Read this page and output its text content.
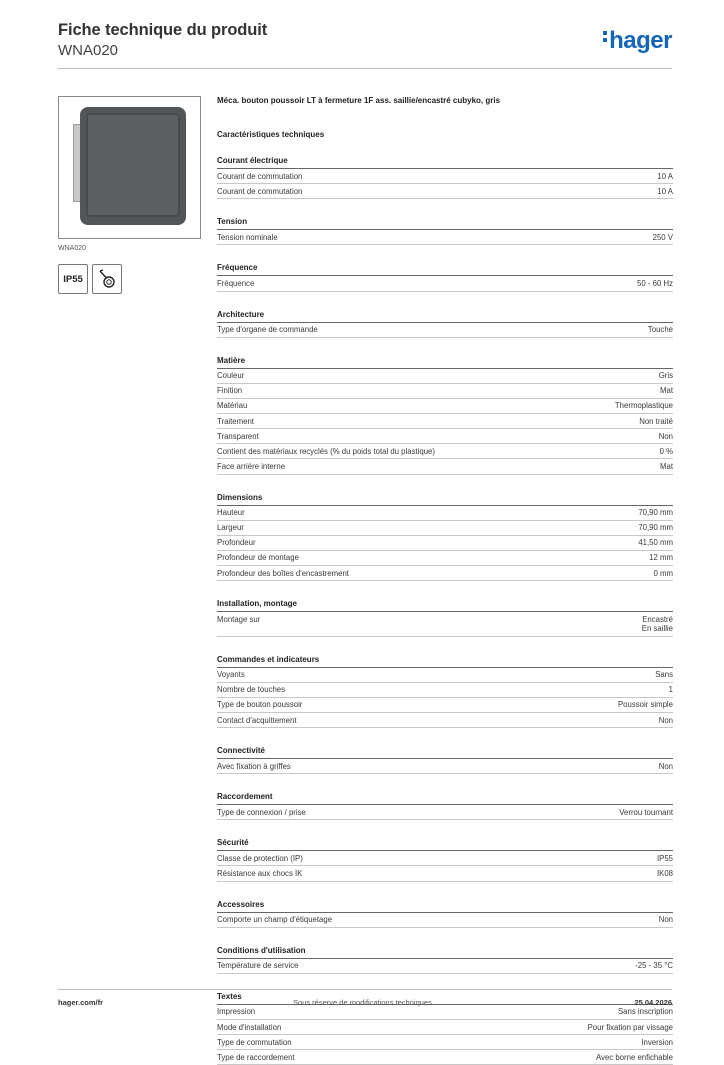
Fiche technique du produit
WNA020	hager
WNA020
IP55
Méca. bouton poussoir LT à fermeture 1F ass. saillie/encastré cubyko, gris
Caractéristiques techniques
Courant électrique
Courant de commutation	10 A
Courant de commutation	10 A
Tension
Tension nominale	250 V
Fréquence
Fréquence	50 - 60 Hz
Architecture
Type d'organe de commande	Touche
Matière
Couleur	Gris
Finition	Mat
Matériau	Thermoplastique
Traitement	Non traité
Transparent	Non
Contient des matériaux recyclés (% du poids total du plastique)	0 %
Face arrière interne	Mat
Dimensions
Hauteur	70,90 mm
Largeur	70,90 mm
Profondeur	41,50 mm
Profondeur de montage	12 mm
Profondeur des boîtes d'encastrement	0 mm
Installation, montage
Montage sur	Encastré
En saillie
Commandes et indicateurs
Voyants	Sans
Nombre de touches	1
Type de bouton poussoir	Poussoir simple
Contact d'acquittement	Non
Connectivité
Avec fixation à griffes	Non
Raccordement
Type de connexion / prise	Verrou tournant
Sécurité
Classe de protection (IP)	IP55
Résistance aux chocs IK	IK08
Accessoires
Comporte un champ d'étiquetage	Non
Conditions d'utilisation
Température de service	-25 - 35 °C
Textes
Impression	Sans inscription
Mode d'installation	Pour fixation par vissage
Type de commutation	Inversion
Type de raccordement	Avec borne enfichable
hager.com/fr	Sous réserve de modifications techniques	25.04.2026
